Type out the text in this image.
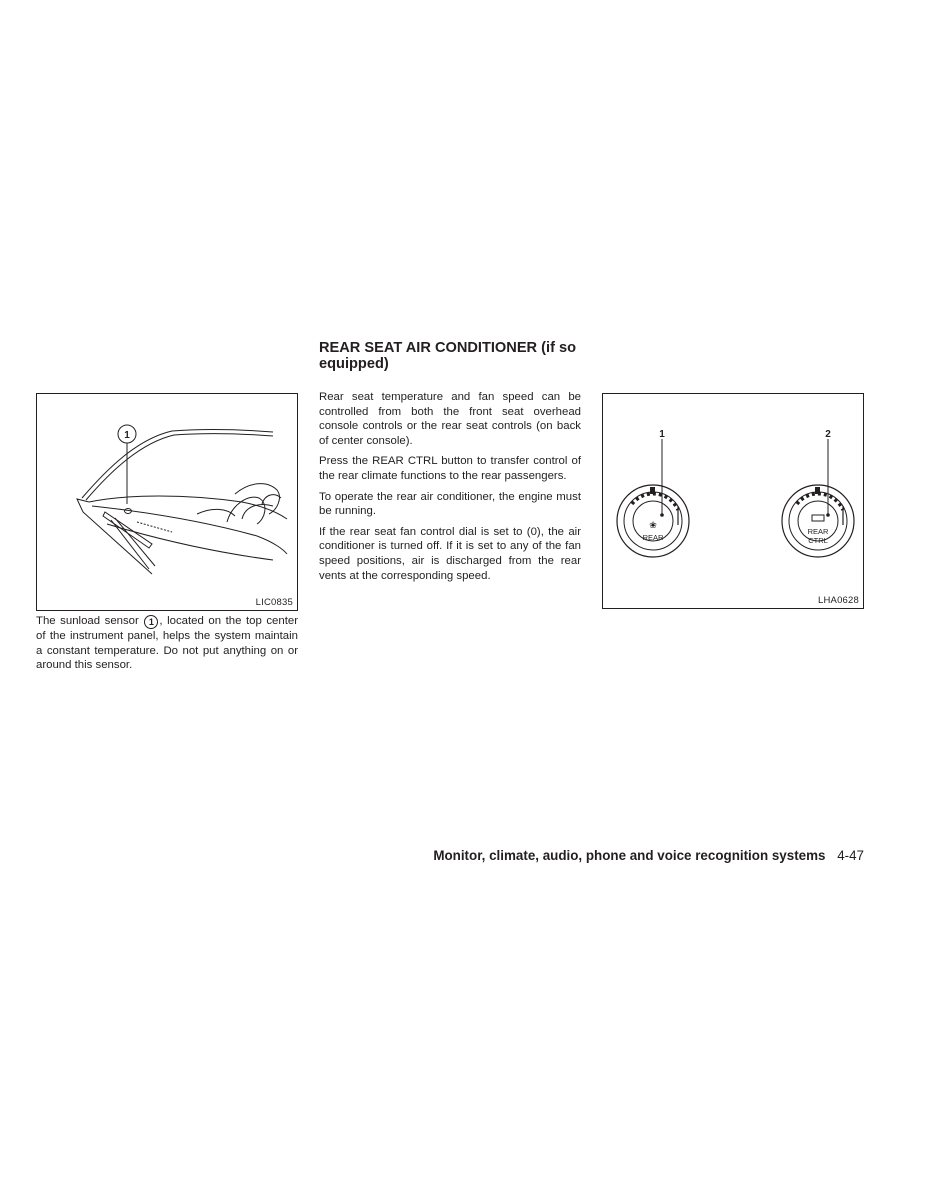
REAR SEAT AIR CONDITIONER (if so equipped)
1
LIC0835
The sunload sensor 1 , located on the top center of the instrument panel, helps the system maintain a constant temperature. Do not put anything on or around this sensor.

Rear seat temperature and fan speed can be controlled from both the front seat overhead console controls or the rear seat controls (on back of center console).

Press the REAR CTRL button to transfer control of the rear climate functions to the rear passengers.

To operate the rear air conditioner, the engine must be running.

If the rear seat fan control dial is set to (0), the air conditioner is turned off. If it is set to any of the fan speed positions, air is discharged from the rear vents at the corresponding speed.

❀
1	2
REAR
REAR
CTRL
LHA0628
Monitor, climate, audio, phone and voice recognition systems 4-47
